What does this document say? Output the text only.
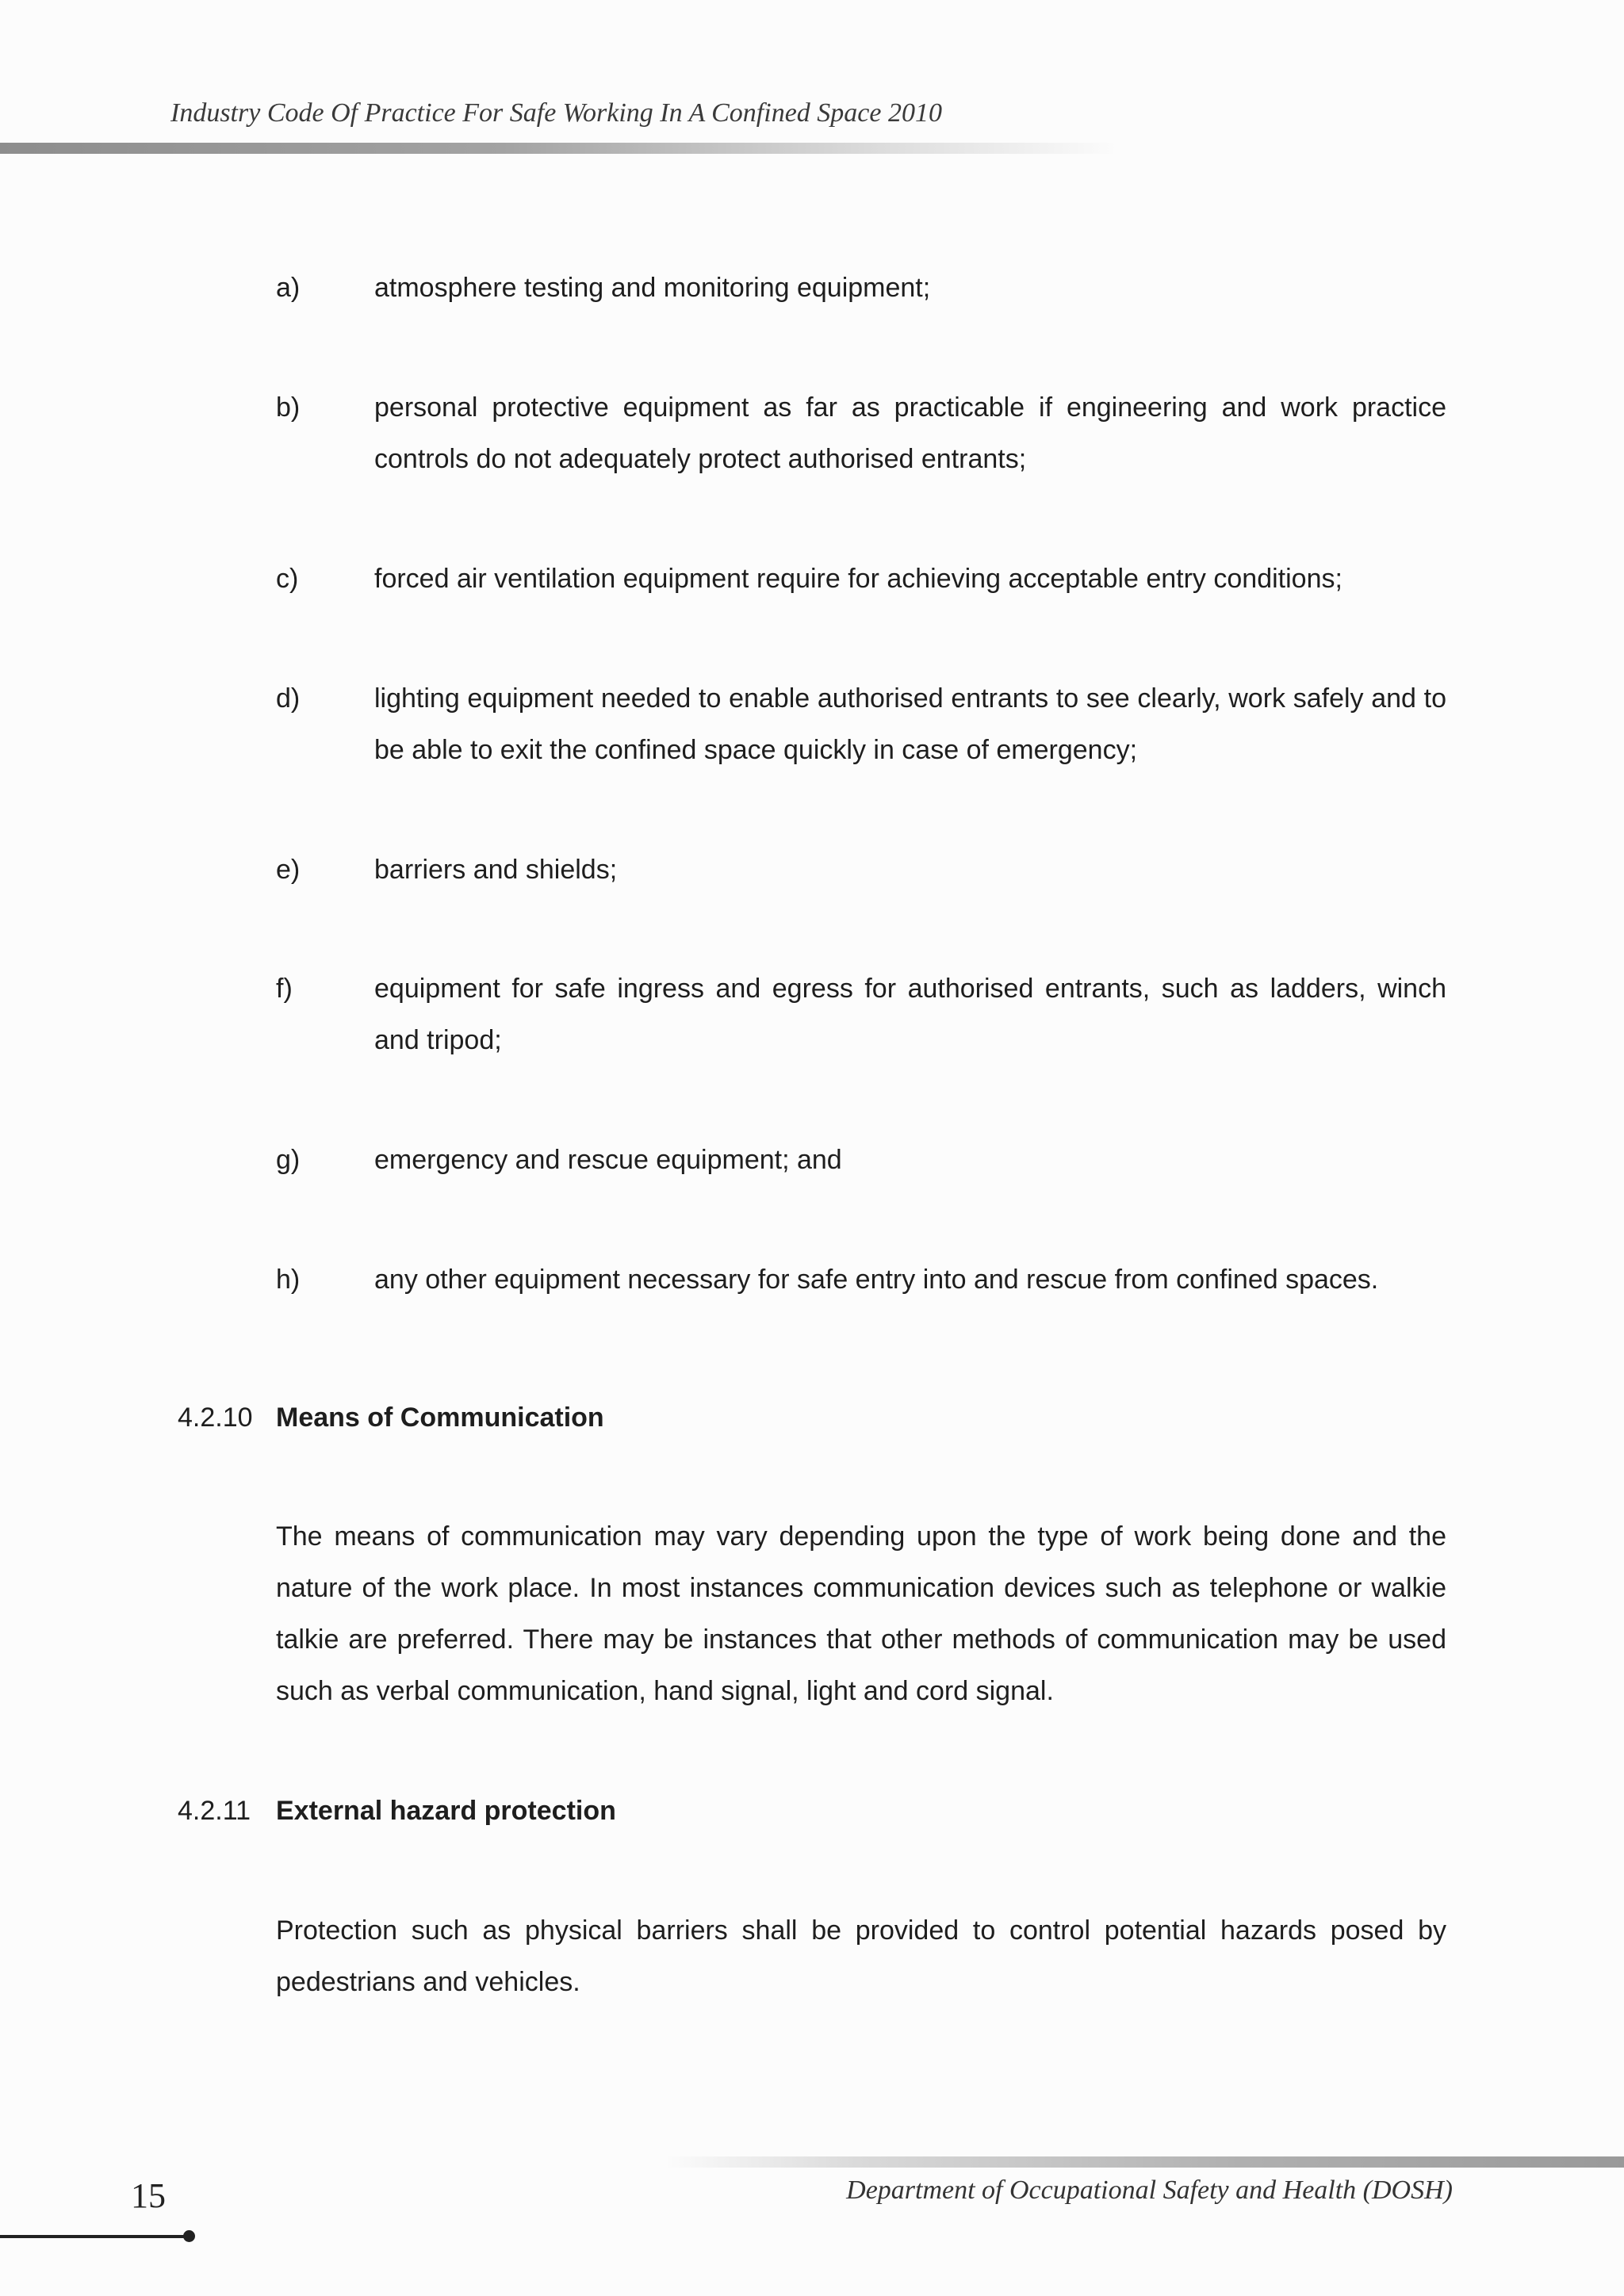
Industry Code Of Practice For Safe Working In A Confined Space 2010
a)	atmosphere testing and monitoring equipment;
b)	personal protective equipment as far as practicable if engineering and work practice controls do not adequately protect authorised entrants;
c)	forced air ventilation equipment require for achieving acceptable entry conditions;
d)	lighting equipment needed to enable authorised entrants to see clearly, work safely and to be able to exit the confined space quickly in case of emergency;
e)	barriers and shields;
f)	equipment for safe ingress and egress for authorised entrants, such as ladders, winch and tripod;
g)	emergency and rescue equipment; and
h)	any other equipment necessary for safe entry into and rescue from confined spaces.
4.2.10 Means of Communication
The means of communication may vary depending upon the type of work being done and the nature of the work place. In most instances communication devices such as telephone or walkie talkie are preferred. There may be instances that other methods of communication may be used such as verbal communication, hand signal, light and cord signal.
4.2.11 External hazard protection
Protection such as physical barriers shall be provided to control potential hazards posed by pedestrians and vehicles.
15	Department of Occupational Safety and Health (DOSH)
